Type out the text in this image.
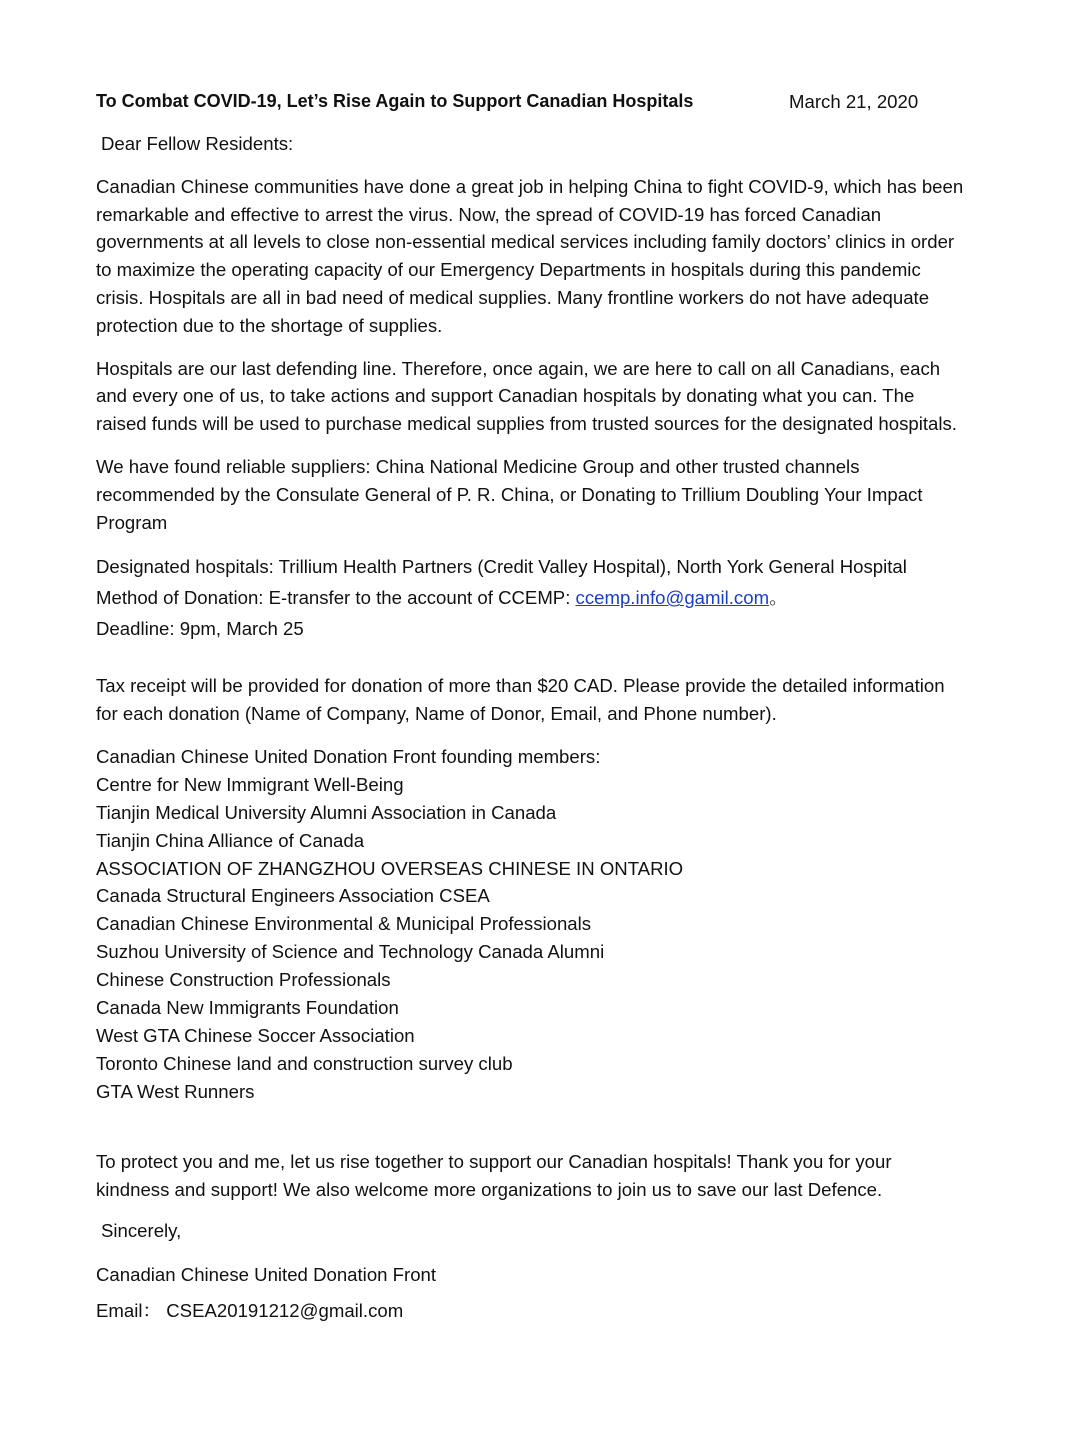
To Combat COVID-19, Let’s Rise Again to Support Canadian Hospitals	March 21, 2020
Dear Fellow Residents:

Canadian Chinese communities have done a great job in helping China to fight COVID-9, which has been
remarkable and effective to arrest the virus. Now, the spread of COVID-19 has forced Canadian
governments at all levels to close non-essential medical services including family doctors’ clinics in order
to maximize the operating capacity of our Emergency Departments in hospitals during this pandemic
crisis. Hospitals are all in bad need of medical supplies. Many frontline workers do not have adequate
protection due to the shortage of supplies.

Hospitals are our last defending line. Therefore, once again, we are here to call on all Canadians, each
and every one of us, to take actions and support Canadian hospitals by donating what you can. The
raised funds will be used to purchase medical supplies from trusted sources for the designated hospitals.

We have found reliable suppliers: China National Medicine Group and other trusted channels
recommended by the Consulate General of P. R. China, or Donating to Trillium Doubling Your Impact
Program

Designated hospitals: Trillium Health Partners (Credit Valley Hospital), North York General Hospital
Method of Donation: E-transfer to the account of CCEMP: ccemp.info@gamil.com。
Deadline: 9pm, March 25

Tax receipt will be provided for donation of more than $20 CAD. Please provide the detailed information
for each donation (Name of Company, Name of Donor, Email, and Phone number).

Canadian Chinese United Donation Front founding members:
Centre for New Immigrant Well-Being
Tianjin Medical University Alumni Association in Canada
Tianjin China Alliance of Canada
ASSOCIATION OF ZHANGZHOU OVERSEAS CHINESE IN ONTARIO
Canada Structural Engineers Association CSEA
Canadian Chinese Environmental & Municipal Professionals
Suzhou University of Science and Technology Canada Alumni
Chinese Construction Professionals
Canada New Immigrants Foundation
West GTA Chinese Soccer Association
Toronto Chinese land and construction survey club
GTA West Runners

To protect you and me, let us rise together to support our Canadian hospitals! Thank you for your
kindness and support! We also welcome more organizations to join us to save our last Defence.

Sincerely,
Canadian Chinese United Donation Front
Email： CSEA20191212@gmail.com
